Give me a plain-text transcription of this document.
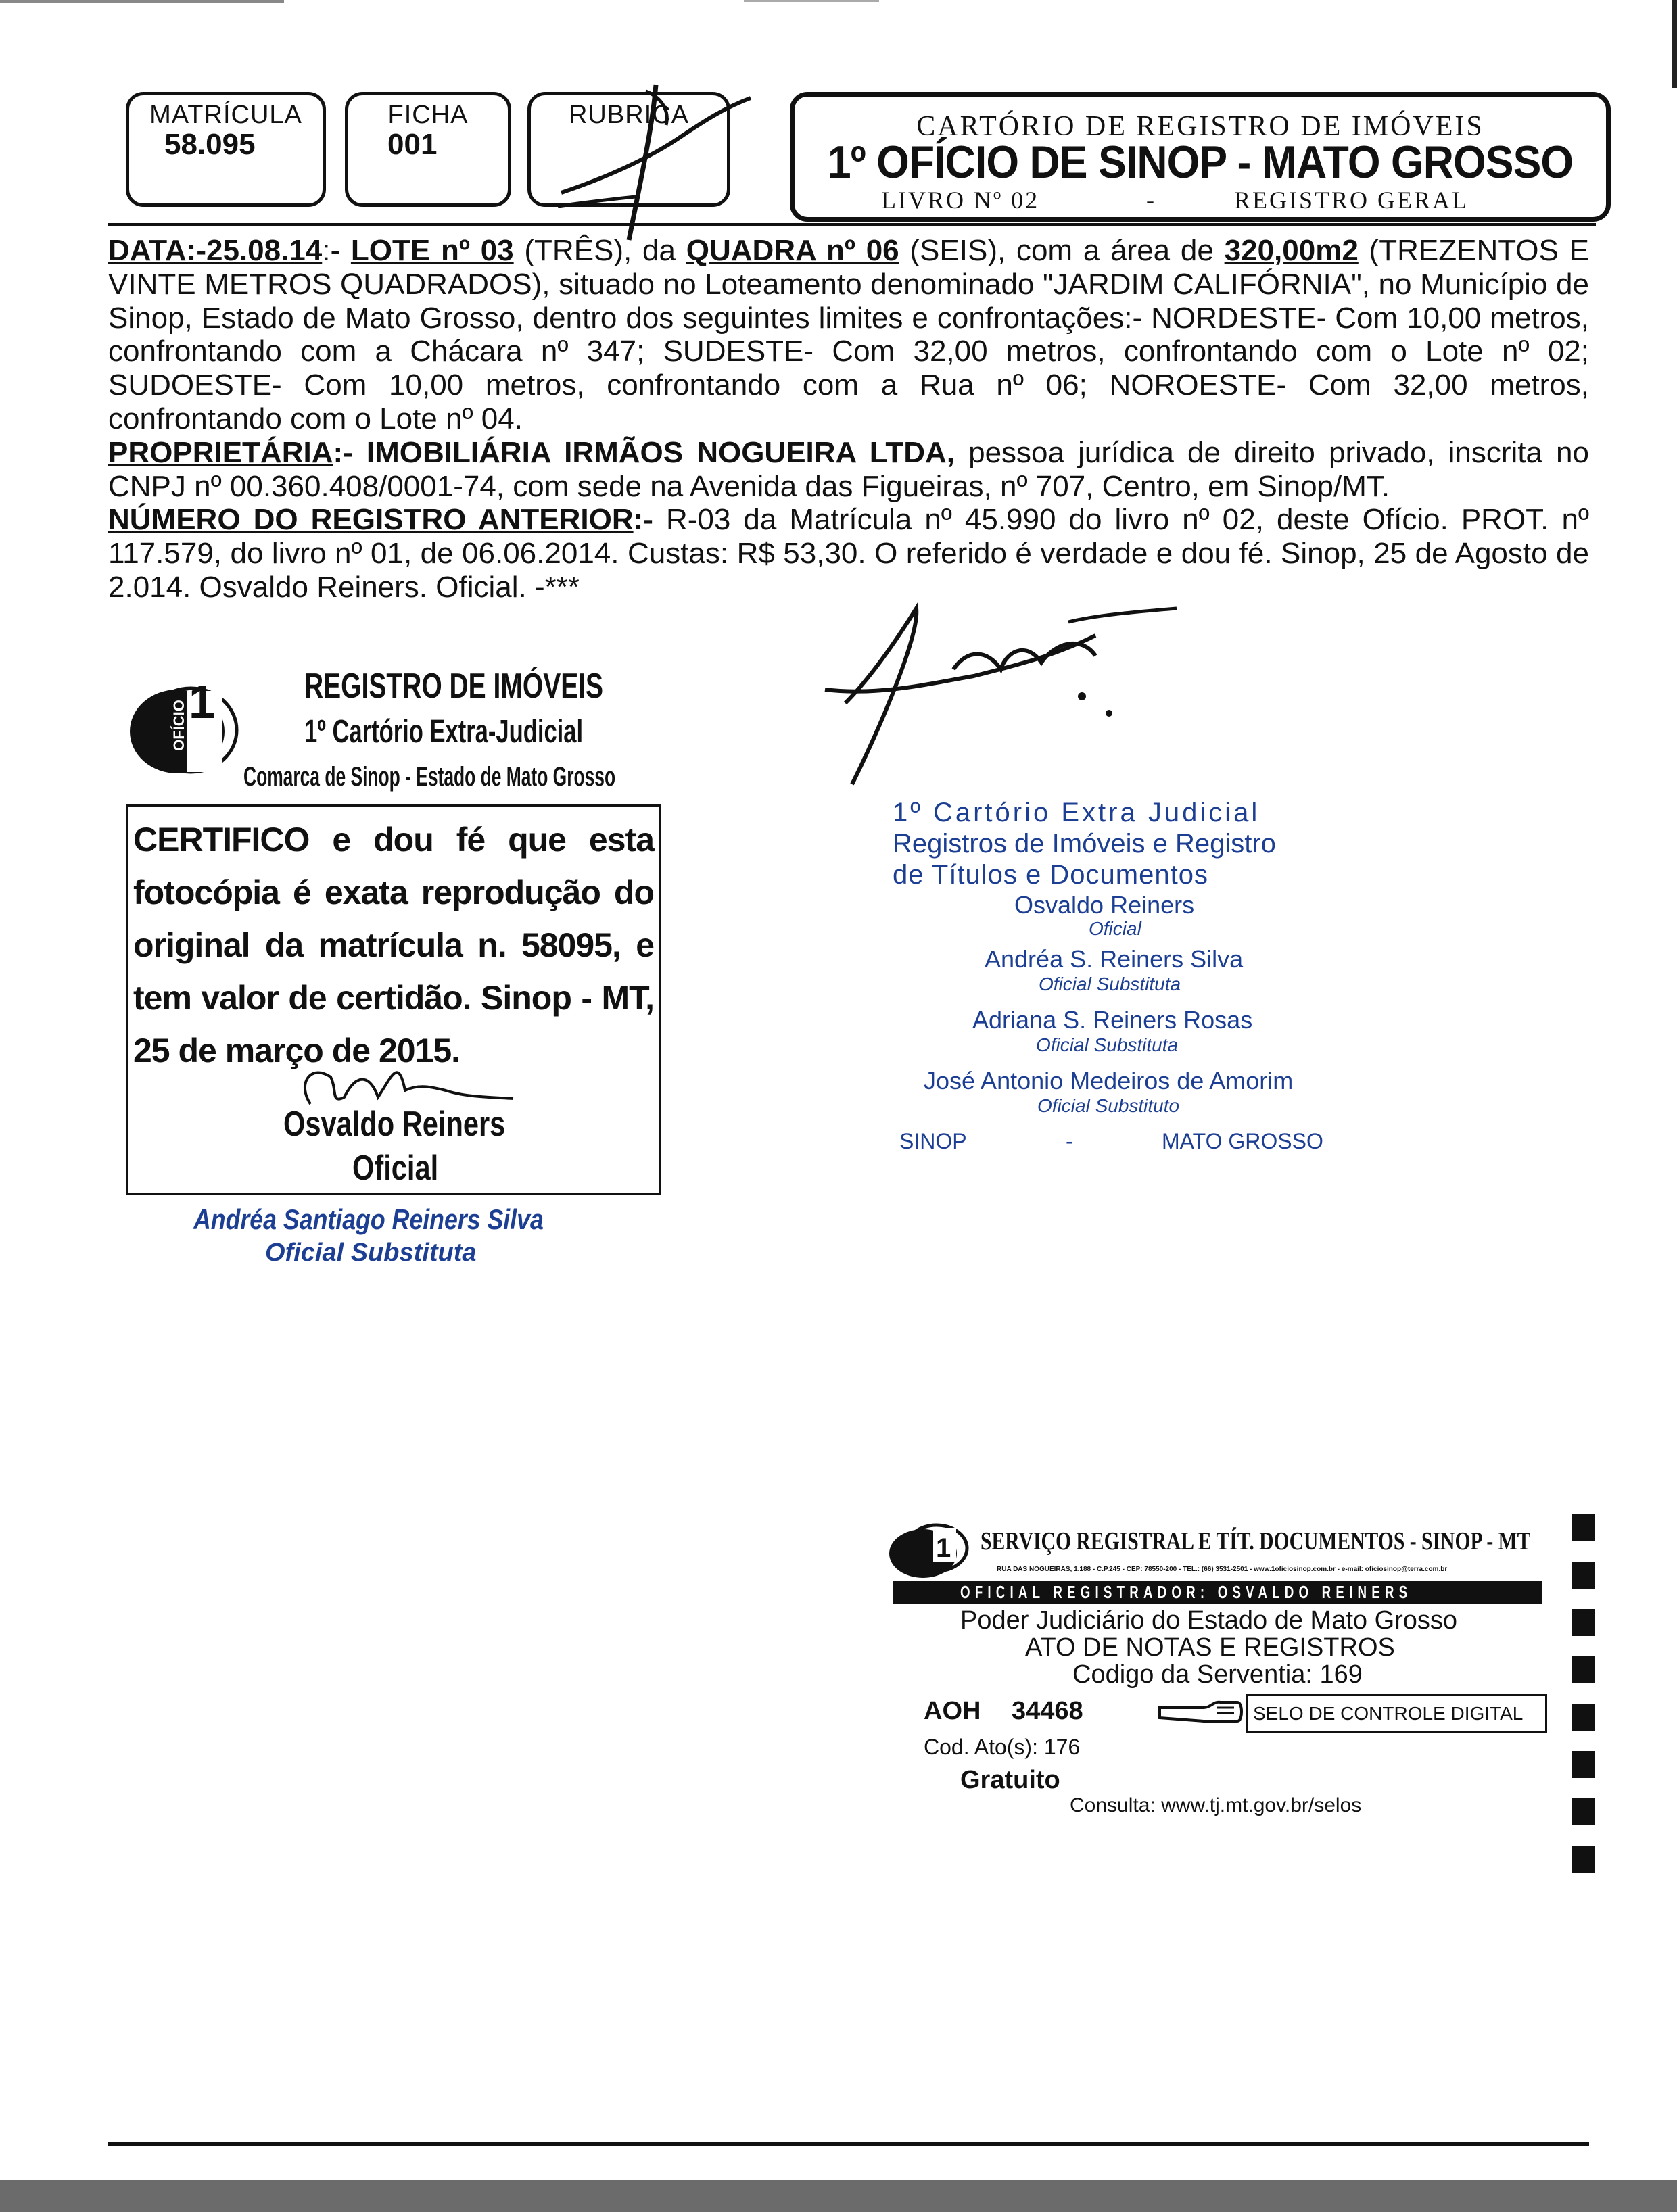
MATRÍCULA
58.095
FICHA
001
RUBRICA	CARTÓRIO DE REGISTRO DE IMÓVEIS
1º OFÍCIO DE SINOP - MATO GROSSO
LIVRO Nº 02	-	REGISTRO GERAL

DATA:-25.08.14:- LOTE nº 03 (TRÊS), da QUADRA nº 06 (SEIS), com a área de 320,00m2 (TREZENTOS E VINTE METROS QUADRADOS), situado no Loteamento denominado "JARDIM CALIFÓRNIA", no Município de Sinop, Estado de Mato Grosso, dentro dos seguintes limites e confrontações:- NORDESTE- Com 10,00 metros, confrontando com a Chácara nº 347; SUDESTE- Com 32,00 metros, confrontando com o Lote nº 02; SUDOESTE- Com 10,00 metros, confrontando com a Rua nº 06; NOROESTE- Com 32,00 metros, confrontando com o Lote nº 04.

PROPRIETÁRIA:- IMOBILIÁRIA IRMÃOS NOGUEIRA LTDA, pessoa jurídica de direito privado, inscrita no CNPJ nº 00.360.408/0001-74, com sede na Avenida das Figueiras, nº 707, Centro, em Sinop/MT.

NÚMERO DO REGISTRO ANTERIOR:- R-03 da Matrícula nº 45.990 do livro nº 02, deste Ofício. PROT. nº 117.579, do livro nº 01, de 06.06.2014. Custas: R$ 53,30. O referido é verdade e dou fé. Sinop, 25 de Agosto de 2.014. Osvaldo Reiners. Oficial. -***

1
OFÍCIO
REGISTRO DE IMÓVEIS
1º Cartório Extra-Judicial
Comarca de Sinop - Estado de Mato Grosso
CERTIFICO e dou fé que esta fotocópia é exata reprodução do original da matrícula n. 58095, e tem valor de certidão. Sinop - MT, 25 de março de 2015.
Osvaldo Reiners
Oficial
Andréa Santiago Reiners Silva
Oficial Substituta
1º Cartório Extra Judicial
Registros de Imóveis e Registro
de Títulos e Documentos
Osvaldo Reiners
Oficial
Andréa S. Reiners Silva
Oficial Substituta
Adriana S. Reiners Rosas
Oficial Substituta
José Antonio Medeiros de Amorim
Oficial Substituto
SINOP	-	MATO GROSSO
1 SERVIÇO REGISTRAL E TÍT. DOCUMENTOS - SINOP - MT
RUA DAS NOGUEIRAS, 1.188 - C.P.245 - CEP: 78550-200 - TEL.: (66) 3531-2501 - www.1oficiosinop.com.br - e-mail: oficiosinop@terra.com.br
OFICIAL REGISTRADOR: OSVALDO REINERS
Poder Judiciário do Estado de Mato Grosso
ATO DE NOTAS E REGISTROS
Codigo da Serventia: 169
AOH 34468	SELO DE CONTROLE DIGITAL
Cod. Ato(s): 176
Gratuito
Consulta: www.tj.mt.gov.br/selos
